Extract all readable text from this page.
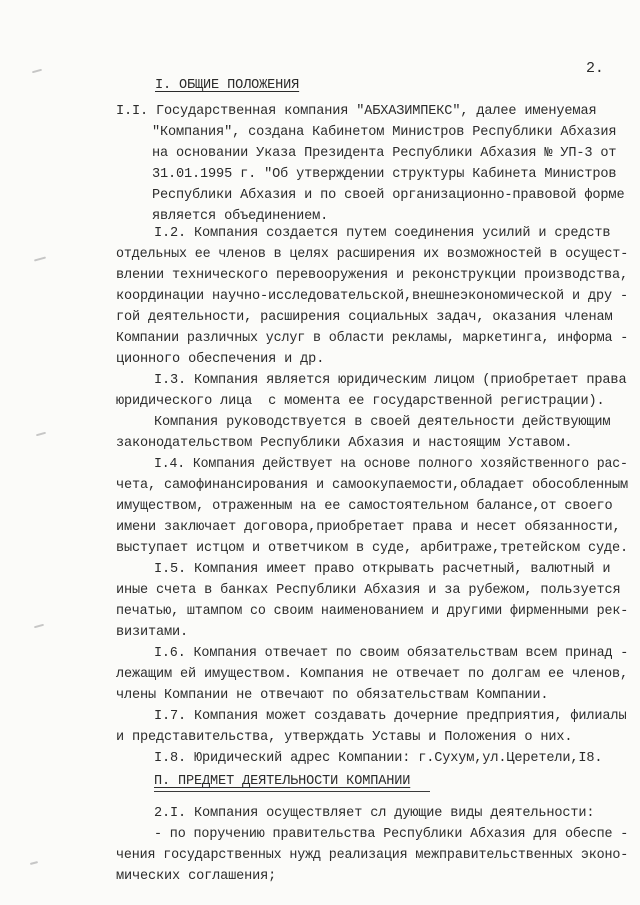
2.
I. ОБЩИЕ ПОЛОЖЕНИЯ
I.I. Государственная компания "АБХАЗИМПЕКС", далее именуемая
"Компания", создана Кабинетом Министров Республики Абхазия
на основании Указа Президента Республики Абхазия № УП-3 от
31.01.1995 г. "Об утверждении структуры Кабинета Министров
Республики Абхазия и по своей организационно-правовой форме
является объединением.
I.2. Компания создается путем соединения усилий и средств
отдельных ее членов в целях расширения их возможностей в осущест-
влении технического перевооружения и реконструкции производства,
координации научно-исследовательской,внешнеэкономической и дру -
гой деятельности, расширения социальных задач, оказания членам
Компании различных услуг в области рекламы, маркетинга, информа -
ционного обеспечения и др.
I.3. Компания является юридическим лицом (приобретает права
юридического лица  с момента ее государственной регистрации).
Компания руководствуется в своей деятельности действующим
законодательством Республики Абхазия и настоящим Уставом.
I.4. Компания действует на основе полного хозяйственного рас-
чета, самофинансирования и самоокупаемости,обладает обособленным
имуществом, отраженным на ее самостоятельном балансе,от своего
имени заключает договора,приобретает права и несет обязанности,
выступает истцом и ответчиком в суде, арбитраже,третейском суде.
I.5. Компания имеет право открывать расчетный, валютный и
иные счета в банках Республики Абхазия и за рубежом, пользуется
печатью, штампом со своим наименованием и другими фирменными рек-
визитами.
I.6. Компания отвечает по своим обязательствам всем принад -
лежащим ей имуществом. Компания не отвечает по долгам ее членов,
члены Компании не отвечают по обязательствам Компании.
I.7. Компания может создавать дочерние предприятия, филиалы
и представительства, утверждать Уставы и Положения о них.
I.8. Юридический адрес Компании: г.Сухум,ул.Церетели,I8.
П. ПРЕДМЕТ ДЕЯТЕЛЬНОСТИ КОМПАНИИ
2.I. Компания осуществляет сл дующие виды деятельности:
- по поручению правительства Республики Абхазия для обеспе -
чения государственных нужд реализация межправительственных эконо-
мических соглашения;
